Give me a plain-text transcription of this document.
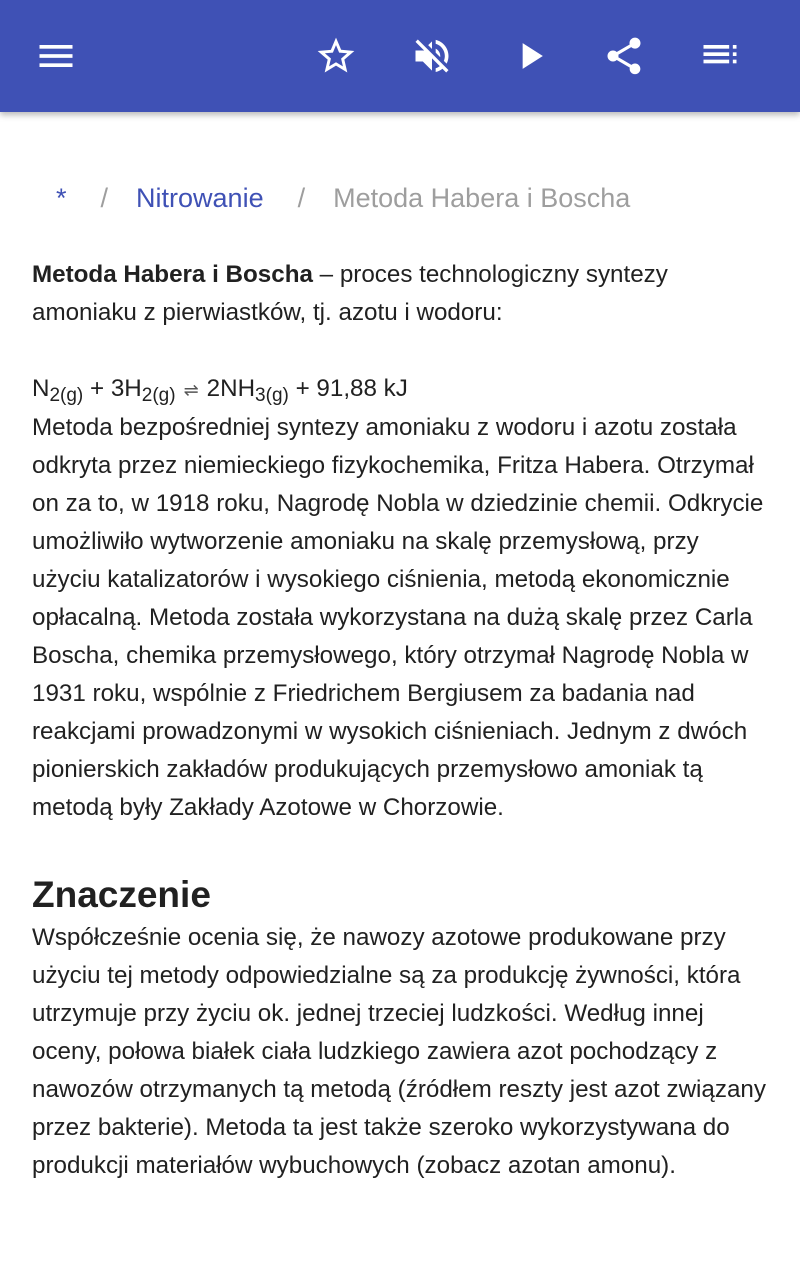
* / Nitrowanie / Metoda Habera i Boscha

Metoda Habera i Boscha – proces technologiczny syntezy amoniaku z pierwiastków, tj. azotu i wodoru:

$N_{2(g)} + 3H_{2(g)}$ ⇌ $2NH_{3(g)} + 91,88$ kJ

Metoda bezpośredniej syntezy amoniaku z wodoru i azotu została odkryta przez niemieckiego fizykochemika, Fritza Habera. Otrzymał on za to, w 1918 roku, Nagrodę Nobla w dziedzinie chemii. Odkrycie umożliwiło wytworzenie amoniaku na skalę przemysłową, przy użyciu katalizatorów i wysokiego ciśnienia, metodą ekonomicznie opłacalną. Metoda została wykorzystana na dużą skalę przez Carla Boscha, chemika przemysłowego, który otrzymał Nagrodę Nobla w 1931 roku, wspólnie z Friedrichem Bergiusem za badania nad reakcjami prowadzonymi w wysokich ciśnieniach. Jednym z dwóch pionierskich zakładów produkujących przemysłowo amoniak tą metodą były Zakłady Azotowe w Chorzowie.

Znaczenie

Współcześnie ocenia się, że nawozy azotowe produkowane przy użyciu tej metody odpowiedzialne są za produkcję żywności, która utrzymuje przy życiu ok. jednej trzeciej ludzkości. Według innej oceny, połowa białek ciała ludzkiego zawiera azot pochodzący z nawozów otrzymanych tą metodą (źródłem reszty jest azot związany przez bakterie). Metoda ta jest także szeroko wykorzystywana do produkcji materiałów wybuchowych (zobacz azotan amonu).
